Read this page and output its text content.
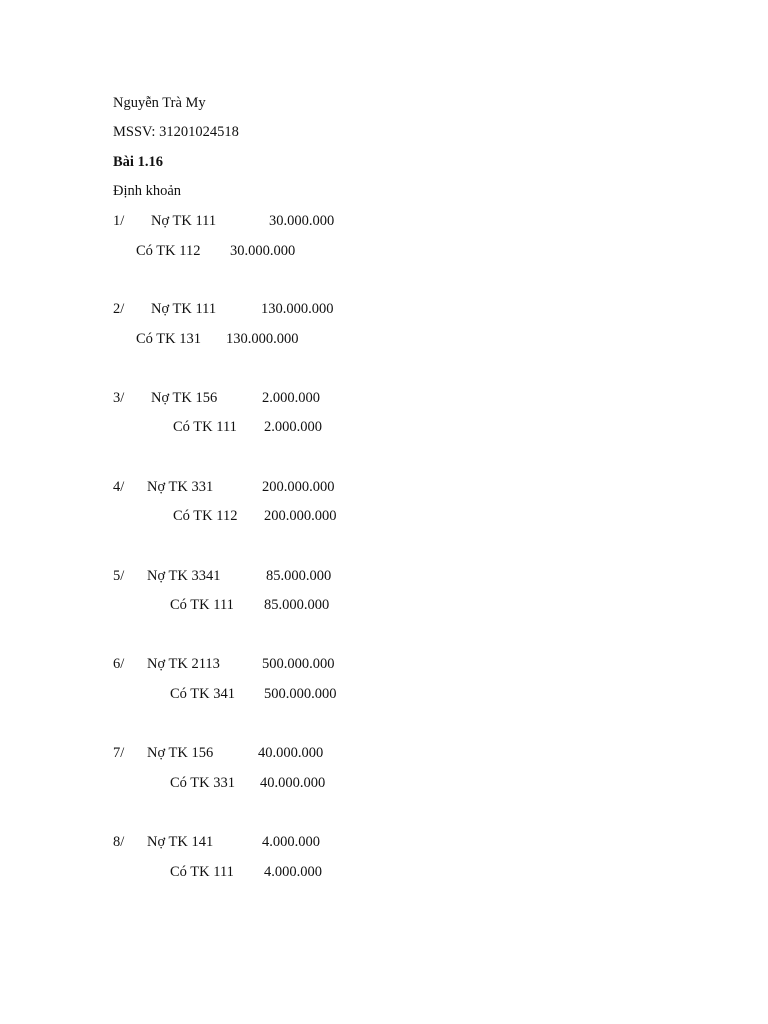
Nguyễn Trà My
MSSV: 31201024518
Bài 1.16
Định khoản
1/ Nợ TK 111	30.000.000
Có TK 112 30.000.000
2/ Nợ TK 111	130.000.000
Có TK 131 130.000.000
3/ Nợ TK 156	2.000.000
Có TK 111 2.000.000
4/ Nợ TK 331	200.000.000
Có TK 112 200.000.000
5/ Nợ TK 3341	85.000.000
Có TK 111 85.000.000
6/ Nợ TK 2113	500.000.000
Có TK 341 500.000.000
7/ Nợ TK 156	40.000.000
Có TK 331 40.000.000
8/ Nợ TK 141	4.000.000
Có TK 111 4.000.000
